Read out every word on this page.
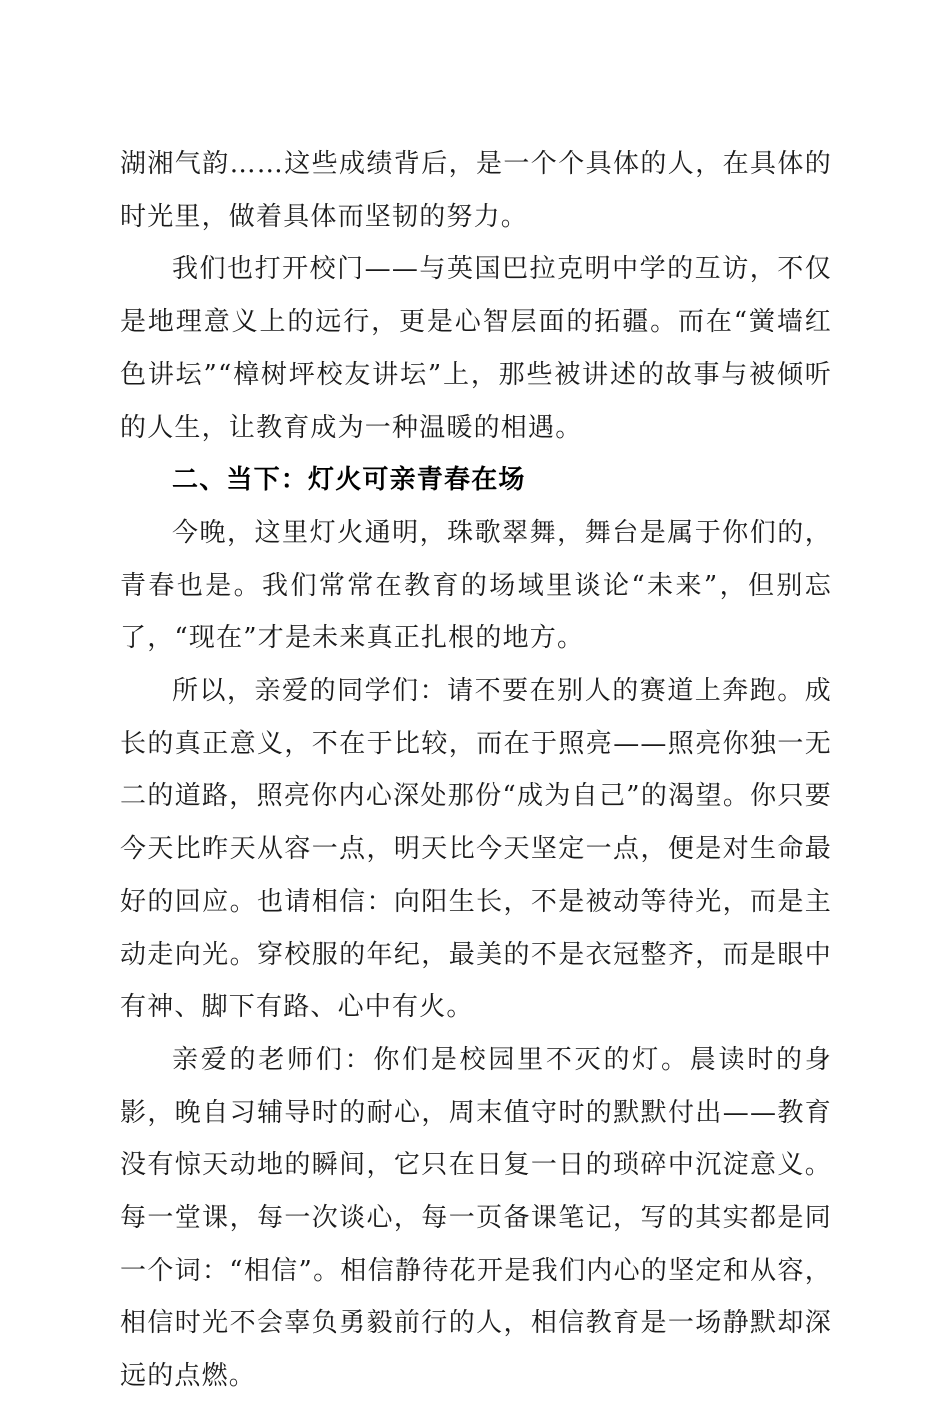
湖湘气韵……这些成绩背后，是一个个具体的人，在具体的时光里，做着具体而坚韧的努力。

我们也打开校门——与英国巴拉克明中学的互访，不仅是地理意义上的远行，更是心智层面的拓疆。而在“黉墙红色讲坛”“樟树坪校友讲坛”上，那些被讲述的故事与被倾听的人生，让教育成为一种温暖的相遇。

二、当下：灯火可亲青春在场

今晚，这里灯火通明，珠歌翠舞，舞台是属于你们的，青春也是。我们常常在教育的场域里谈论“未来”，但别忘了，“现在”才是未来真正扎根的地方。

所以，亲爱的同学们：请不要在别人的赛道上奔跑。成长的真正意义，不在于比较，而在于照亮——照亮你独一无二的道路，照亮你内心深处那份“成为自己”的渴望。你只要今天比昨天从容一点，明天比今天坚定一点，便是对生命最好的回应。也请相信：向阳生长，不是被动等待光，而是主动走向光。穿校服的年纪，最美的不是衣冠整齐，而是眼中有神、脚下有路、心中有火。

亲爱的老师们：你们是校园里不灭的灯。晨读时的身影，晚自习辅导时的耐心，周末值守时的默默付出——教育没有惊天动地的瞬间，它只在日复一日的琐碎中沉淀意义。每一堂课，每一次谈心，每一页备课笔记，写的其实都是同一个词：“相信”。相信静待花开是我们内心的坚定和从容，相信时光不会辜负勇毅前行的人，相信教育是一场静默却深远的点燃。
